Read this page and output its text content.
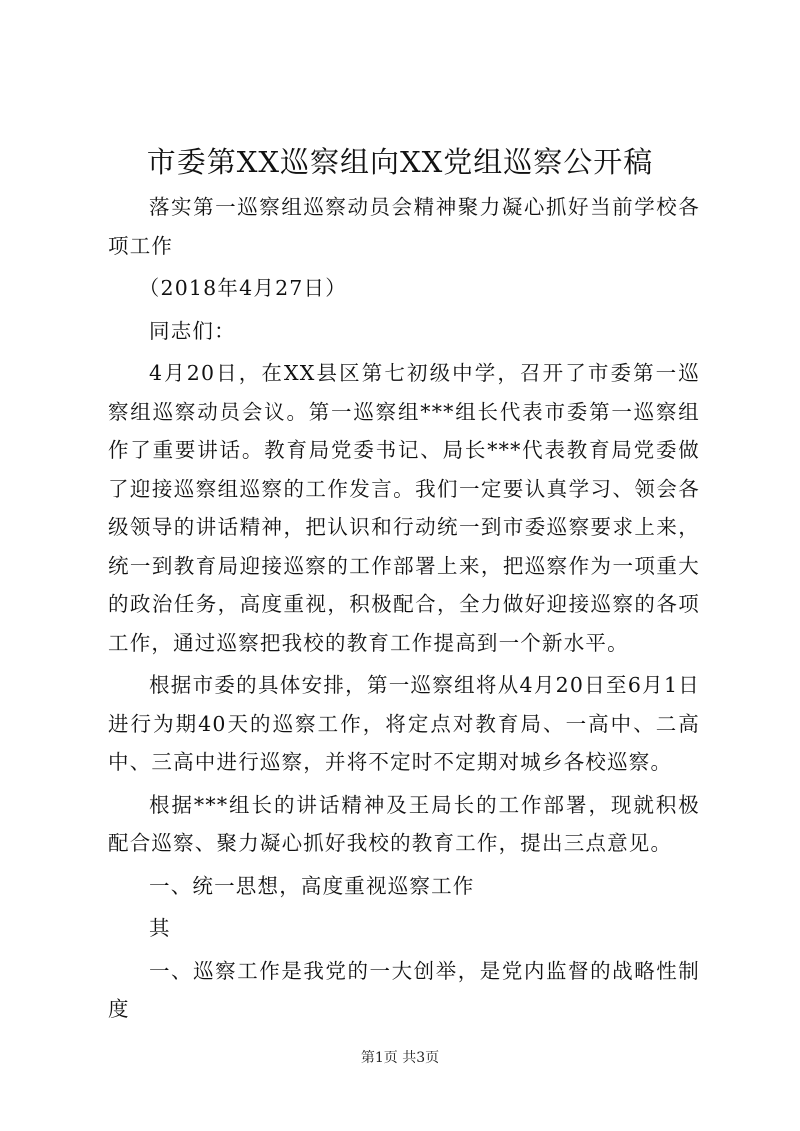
市委第XX巡察组向XX党组巡察公开稿

落实第一巡察组巡察动员会精神聚力凝心抓好当前学校各项工作

（2018年4月27日）

同志们：

4月20日，在XX县区第七初级中学，召开了市委第一巡察组巡察动员会议。第一巡察组***组长代表市委第一巡察组作了重要讲话。教育局党委书记、局长***代表教育局党委做了迎接巡察组巡察的工作发言。我们一定要认真学习、领会各级领导的讲话精神，把认识和行动统一到市委巡察要求上来，统一到教育局迎接巡察的工作部署上来，把巡察作为一项重大的政治任务，高度重视，积极配合，全力做好迎接巡察的各项工作，通过巡察把我校的教育工作提高到一个新水平。

根据市委的具体安排，第一巡察组将从4月20日至6月1日进行为期40天的巡察工作，将定点对教育局、一高中、二高中、三高中进行巡察，并将不定时不定期对城乡各校巡察。

根据***组长的讲话精神及王局长的工作部署，现就积极配合巡察、聚力凝心抓好我校的教育工作，提出三点意见。

一、统一思想，高度重视巡察工作

其

一、巡察工作是我党的一大创举，是党内监督的战略性制度

第1页 共3页
